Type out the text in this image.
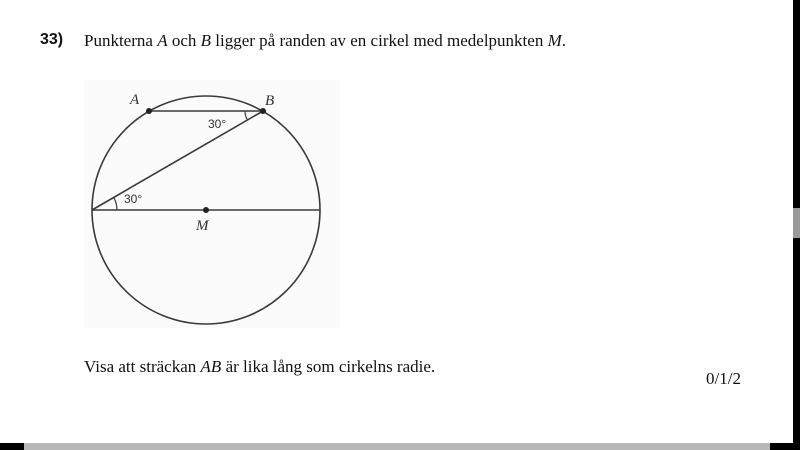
33) Punkterna A och B ligger på randen av en cirkel med medelpunkten M.
A	B
M
30°
30°
Visa att sträckan AB är lika lång som cirkelns radie.
0/1/2
